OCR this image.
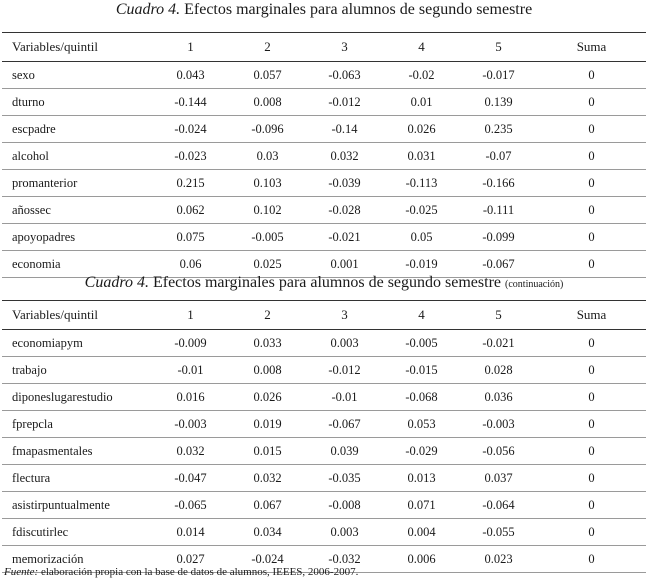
Cuadro 4. Efectos marginales para alumnos de segundo semestre
Variables/quintil	1	2	3	4	5	Suma
sexo	0.043	0.057	-0.063	-0.02	-0.017	0
dturno	-0.144	0.008	-0.012	0.01	0.139	0
escpadre	-0.024	-0.096	-0.14	0.026	0.235	0
alcohol	-0.023	0.03	0.032	0.031	-0.07	0
promanterior	0.215	0.103	-0.039	-0.113	-0.166	0
añossec	0.062	0.102	-0.028	-0.025	-0.111	0
apoyopadres	0.075	-0.005	-0.021	0.05	-0.099	0
economia	0.06	0.025	0.001	-0.019	-0.067	0
Cuadro 4. Efectos marginales para alumnos de segundo semestre (continuación)
Variables/quintil	1	2	3	4	5	Suma
economiapym	-0.009	0.033	0.003	-0.005	-0.021	0
trabajo	-0.01	0.008	-0.012	-0.015	0.028	0
diponeslugarestudio	0.016	0.026	-0.01	-0.068	0.036	0
fprepcla	-0.003	0.019	-0.067	0.053	-0.003	0
fmapasmentales	0.032	0.015	0.039	-0.029	-0.056	0
flectura	-0.047	0.032	-0.035	0.013	0.037	0
asistirpuntualmente	-0.065	0.067	-0.008	0.071	-0.064	0
fdiscutirlec	0.014	0.034	0.003	0.004	-0.055	0
memorización	0.027	-0.024	-0.032	0.006	0.023	0
Fuente: elaboración propia con la base de datos de alumnos, IEEES, 2006-2007.
